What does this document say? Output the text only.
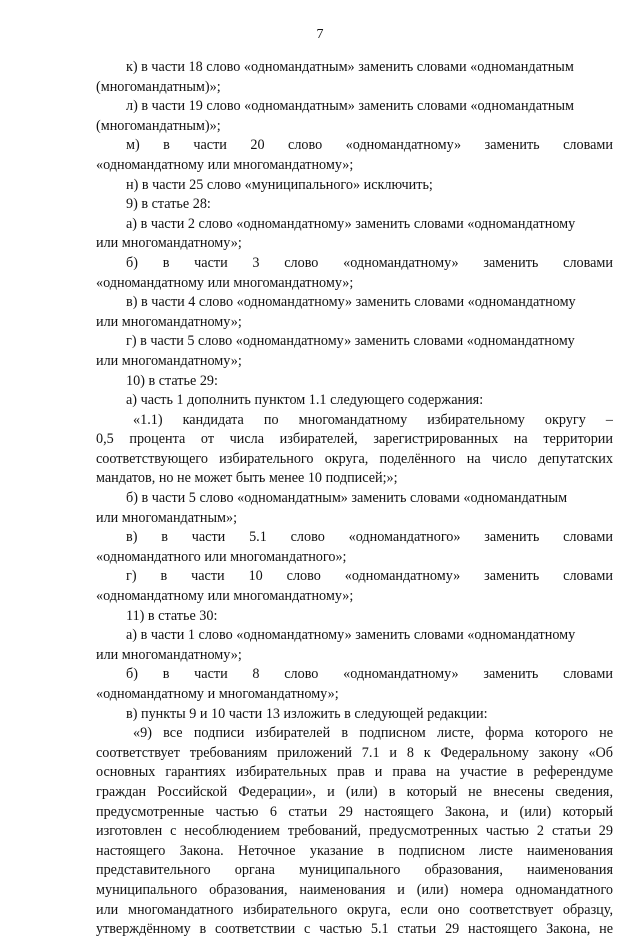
7
к) в части 18 слово «одномандатным» заменить словами «одномандатным
(многомандатным)»;
л) в части 19 слово «одномандатным» заменить словами «одномандатным
(многомандатным)»;
м) в части 20 слово «одномандатному» заменить словами
«одномандатному или многомандатному»;
н) в части 25 слово «муниципального» исключить;
9) в статье 28:
а) в части 2 слово «одномандатному» заменить словами «одномандатному
или многомандатному»;
б) в части 3 слово «одномандатному» заменить словами
«одномандатному или многомандатному»;
в) в части 4 слово «одномандатному» заменить словами «одномандатному
или многомандатному»;
г) в части 5 слово «одномандатному» заменить словами «одномандатному
или многомандатному»;
10) в статье 29:
а) часть 1 дополнить пунктом 1.1 следующего содержания:
«1.1) кандидата по многомандатному избирательному округу –
0,5 процента от числа избирателей, зарегистрированных на территории
соответствующего избирательного округа, поделённого на число депутатских
мандатов, но не может быть менее 10 подписей;»;
б) в части 5 слово «одномандатным» заменить словами «одномандатным
или многомандатным»;
в) в части 5.1 слово «одномандатного» заменить словами
«одномандатного или многомандатного»;
г) в части 10 слово «одномандатному» заменить словами
«одномандатному или многомандатному»;
11) в статье 30:
а) в части 1 слово «одномандатному» заменить словами «одномандатному
или многомандатному»;
б) в части 8 слово «одномандатному» заменить словами
«одномандатному и многомандатному»;
в) пункты 9 и 10 части 13 изложить в следующей редакции:
«9) все подписи избирателей в подписном листе, форма которого не
соответствует требованиям приложений 7.1 и 8 к Федеральному закону «Об
основных гарантиях избирательных прав и права на участие в референдуме
граждан Российской Федерации», и (или) в который не внесены сведения,
предусмотренные частью 6 статьи 29 настоящего Закона, и (или) который
изготовлен с несоблюдением требований, предусмотренных частью 2 статьи 29
настоящего Закона. Неточное указание в подписном листе наименования
представительного органа муниципального образования, наименования
муниципального образования, наименования и (или) номера одномандатного
или многомандатного избирательного округа, если оно соответствует образцу,
утверждённому в соответствии с частью 5.1 статьи 29 настоящего Закона, не
